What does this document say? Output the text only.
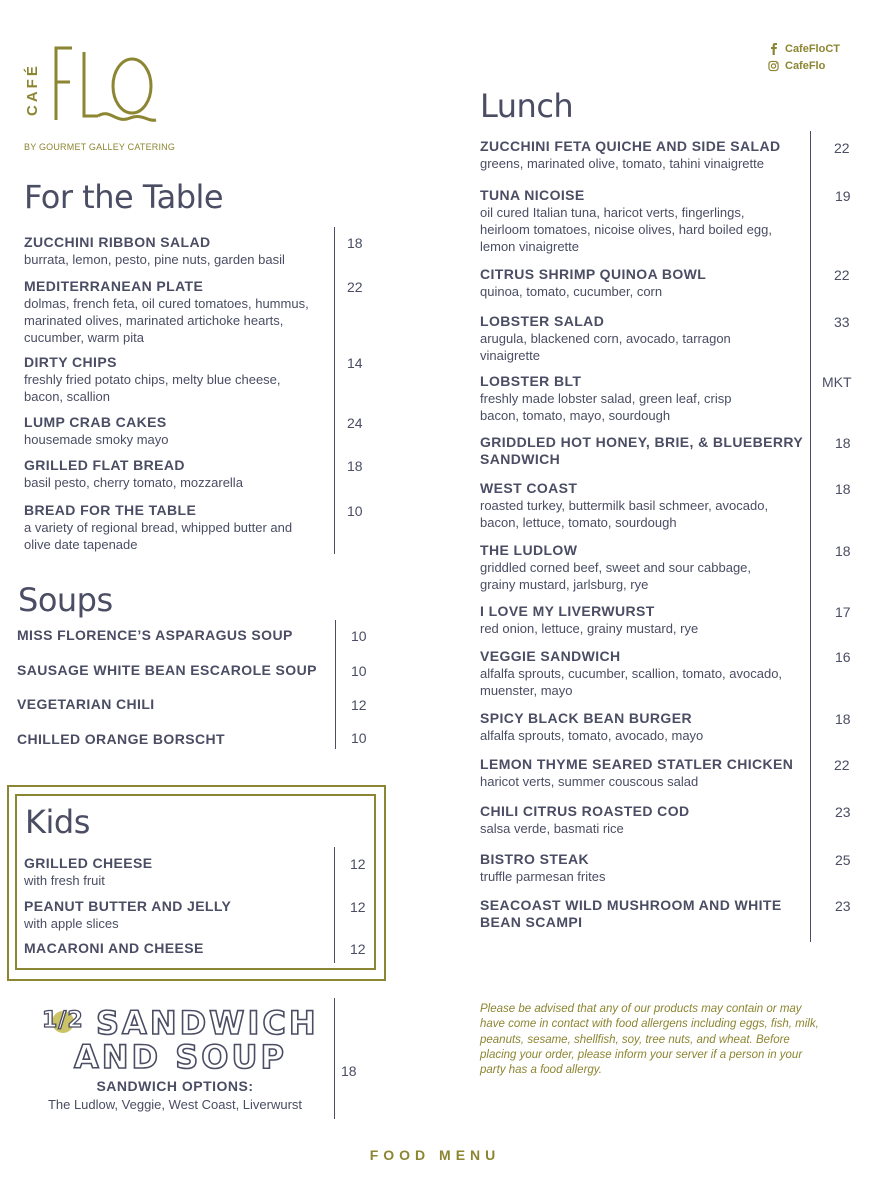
CAFÉ
BY GOURMET GALLEY CATERING
CafeFloCT
CafeFlo
For the Table
ZUCCHINI RIBBON SALAD
burrata, lemon, pesto, pine nuts, garden basil
18
MEDITERRANEAN PLATE
dolmas, french feta, oil cured tomatoes, hummus, marinated olives, marinated artichoke hearts, cucumber, warm pita
22
DIRTY CHIPS
freshly fried potato chips, melty blue cheese, bacon, scallion
14
LUMP CRAB CAKES
housemade smoky mayo
24
GRILLED FLAT BREAD
basil pesto, cherry tomato, mozzarella
18
BREAD FOR THE TABLE
a variety of regional bread, whipped butter and olive date tapenade
10
Soups
MISS FLORENCE’S ASPARAGUS SOUP	10
SAUSAGE WHITE BEAN ESCAROLE SOUP 10
VEGETARIAN CHILI	12
CHILLED ORANGE BORSCHT	10
Kids
GRILLED CHEESE
with fresh fruit
12
PEANUT BUTTER AND JELLY
with apple slices
12
MACARONI AND CHEESE	12
1/2 SANDWICH
AND SOUP
SANDWICH OPTIONS:
The Ludlow, Veggie, West Coast, Liverwurst
18
Lunch
ZUCCHINI FETA QUICHE AND SIDE SALAD
greens, marinated olive, tomato, tahini vinaigrette
22
TUNA NICOISE
oil cured Italian tuna, haricot verts, fingerlings, heirloom tomatoes, nicoise olives, hard boiled egg, lemon vinaigrette
19
CITRUS SHRIMP QUINOA BOWL
quinoa, tomato, cucumber, corn
22
LOBSTER SALAD
arugula, blackened corn, avocado, tarragon vinaigrette
33
LOBSTER BLT
freshly made lobster salad, green leaf, crisp bacon, tomato, mayo, sourdough
MKT
GRIDDLED HOT HONEY, BRIE, & BLUEBERRY SANDWICH
18
WEST COAST
roasted turkey, buttermilk basil schmeer, avocado, bacon, lettuce, tomato, sourdough
18
THE LUDLOW
griddled corned beef, sweet and sour cabbage, grainy mustard, jarlsburg, rye
18
I LOVE MY LIVERWURST
red onion, lettuce, grainy mustard, rye
17
VEGGIE SANDWICH
alfalfa sprouts, cucumber, scallion, tomato, avocado, muenster, mayo
16
SPICY BLACK BEAN BURGER
alfalfa sprouts, tomato, avocado, mayo
18
LEMON THYME SEARED STATLER CHICKEN
haricot verts, summer couscous salad
22
CHILI CITRUS ROASTED COD
salsa verde, basmati rice
23
BISTRO STEAK
truffle parmesan frites
25
SEACOAST WILD MUSHROOM AND WHITE BEAN SCAMPI
23
Please be advised that any of our products may contain or may have come in contact with food allergens including eggs, fish, milk, peanuts, sesame, shellfish, soy, tree nuts, and wheat. Before placing your order, please inform your server if a person in your party has a food allergy.
FOOD MENU
